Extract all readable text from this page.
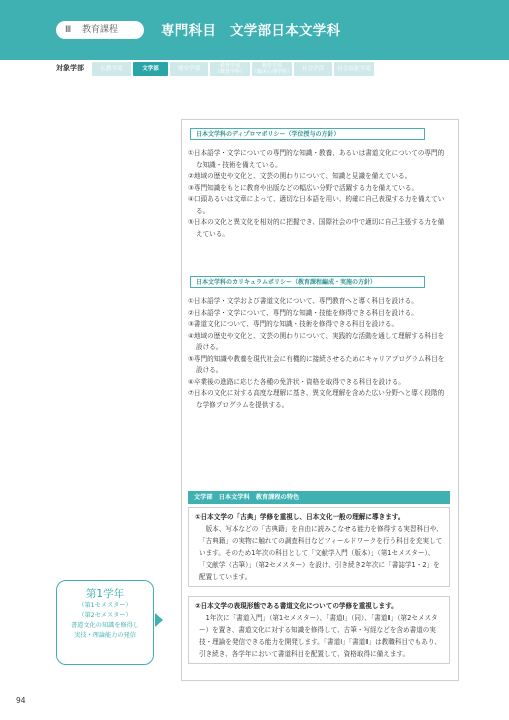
Ⅲ 教育課程	専門科目　文学部日本文学科
対象学部	仏教学部	文学部	歴史学部	教育学部
（教育学科）
教育学部
（臨床心理学科）	社会学部	社会福祉学部
日本文学科のディプロマポリシー（学位授与の方針）
①日本語学・文学についての専門的な知識・教養、あるいは書道文化についての専門的な知識・技術を備えている。
②地域の歴史や文化と、文芸の関わりについて、知識と見識を備えている。
③専門知識をもとに教育や出版などの幅広い分野で活躍する力を備えている。
④口頭あるいは文章によって、適切な日本語を用い、的確に自己表現する力を備えている。
⑤日本の文化と異文化を相対的に把握でき、国際社会の中で適切に自己主張する力を備えている。
日本文学科のカリキュラムポリシー（教育課程編成・実施の方針）
①日本語学・文学および書道文化について、専門教育へと導く科目を設ける。
②日本語学・文学について、専門的な知識・技能を修得できる科目を設ける。
③書道文化について、専門的な知識・技術を修得できる科目を設ける。
④地域の歴史や文化と、文芸の関わりについて、実践的な活動を通して理解する科目を設ける。
⑤専門的知識や教養を現代社会に有機的に接続させるためにキャリアプログラム科目を設ける。
⑥卒業後の進路に応じた各種の免許状・資格を取得できる科目を設ける。
⑦日本の文化に対する高度な理解に基き、異文化理解を含めた広い分野へと導く段階的な学修プログラムを提供する。
文学部　日本文学科　教育課程の特色
①日本文学の「古典」学修を重視し、日本文化一般の理解に導きます。
版本、写本などの「古典籍」を自由に読みこなせる能力を修得する実習科目や、「古典籍」の実物に触れての調査科目などフィールドワークを行う科目を充実しています。そのため1年次の科目として「文献学入門（版本）」（第1セメスター）、「文献学（古筆）」（第2セメスター）を設け、引き続き2年次に「書誌学1・2」を配置しています。
②日本文学の表現形態である書道文化についての学修を重視します。
1年次に「書道入門」（第1セメスター）、「書道Ⅰ」（同）、「書道Ⅱ」（第2セメスター）を置き、書道文化に対する知識を修得して、古筆・写経などを含め書道の実技・理論を発信できる能力を開発します。「書道Ⅰ」「書道Ⅱ」は教職科目でもあり、引き続き、各学年において書道科目を配置して、資格取得に備えます。
第1学年
（第1セメスター）
（第2セメスター）
書道文化の知識を修得し
実技・理論能力の発信
94
